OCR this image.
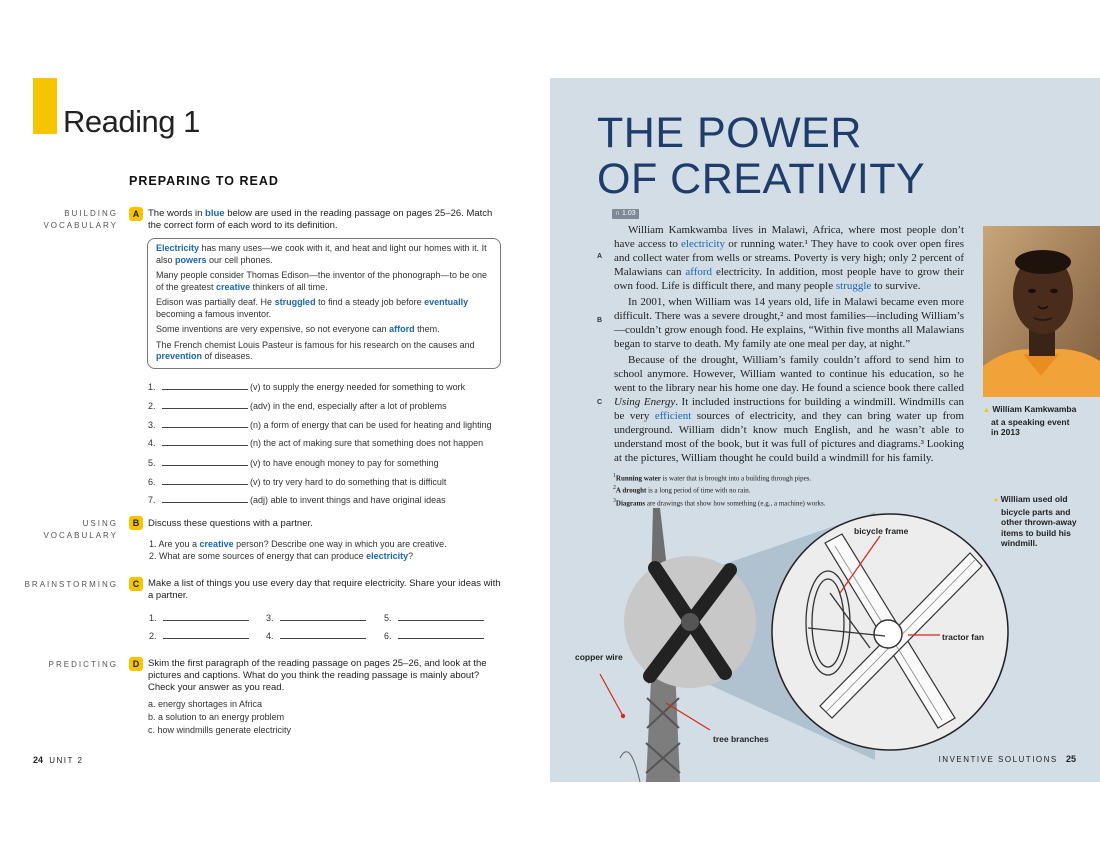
Reading 1
PREPARING TO READ
BUILDING
VOCABULARY
A The words in blue below are used in the reading passage on pages 25–26. Match the correct form of each word to its definition.

Electricity has many uses—we cook with it, and heat and light our homes with it. It also powers our cell phones.

Many people consider Thomas Edison—the inventor of the phonograph—to be one of the greatest creative thinkers of all time.

Edison was partially deaf. He struggled to find a steady job before eventually becoming a famous inventor.

Some inventions are very expensive, so not everyone can afford them.

The French chemist Louis Pasteur is famous for his research on the causes and prevention of diseases.

1.	(v) to supply the energy needed for something to work
2.	(adv) in the end, especially after a lot of problems
3.	(n) a form of energy that can be used for heating and lighting
4.	(n) the act of making sure that something does not happen
5.	(v) to have enough money to pay for something
6.	(v) to try very hard to do something that is difficult
7.	(adj) able to invent things and have original ideas
USING
VOCABULARY
B Discuss these questions with a partner.
1. Are you a creative person? Describe one way in which you are creative.
2. What are some sources of energy that can produce electricity?
BRAINSTORMING	C Make a list of things you use every day that require electricity. Share your ideas with a partner.
1.	3.	5.
2.	4.	6.
PREDICTING	D Skim the first paragraph of the reading passage on pages 25–26, and look at the pictures and captions. What do you think the reading passage is mainly about? Check your answer as you read.
a. energy shortages in Africa
b. a solution to an energy problem
c. how windmills generate electricity
24 UNIT 2
THE POWER
OF CREATIVITY
∩ 1.03
A
William Kamkwamba lives in Malawi, Africa, where most people don’t have access to electricity or running water.¹ They have to cook over open fires and collect water from wells or streams. Poverty is very high; only 2 percent of Malawians can afford electricity. In addition, most people have to grow their own food. Life is difficult there, and many people struggle to survive.
B
In 2001, when William was 14 years old, life in Malawi became even more difficult. There was a severe drought,² and most families—including William’s—couldn’t grow enough food. He explains, “Within five months all Malawians began to starve to death. My family ate one meal per day, at night.”
C
Because of the drought, William’s family couldn’t afford to send him to school anymore. However, William wanted to continue his education, so he went to the library near his home one day. He found a science book there called Using Energy. It included instructions for building a windmill. Windmills can be very efficient sources of electricity, and they can bring water up from underground. William didn’t know much English, and he wasn’t able to understand most of the book, but it was full of pictures and diagrams.³ Looking at the pictures, William thought he could build a windmill for his family.
$^1$Running water is water that is brought into a building through pipes.
$^2$A drought is a long period of time with no rain.
$^3$Diagrams are drawings that show how something (e.g., a machine) works.
▲ William Kamkwamba
at a speaking event
in 2013
● William used old
bicycle parts and
other thrown-away
items to build his
windmill.
bicycle frame
tractor fan
copper wire
tree branches
INVENTIVE SOLUTIONS 25
